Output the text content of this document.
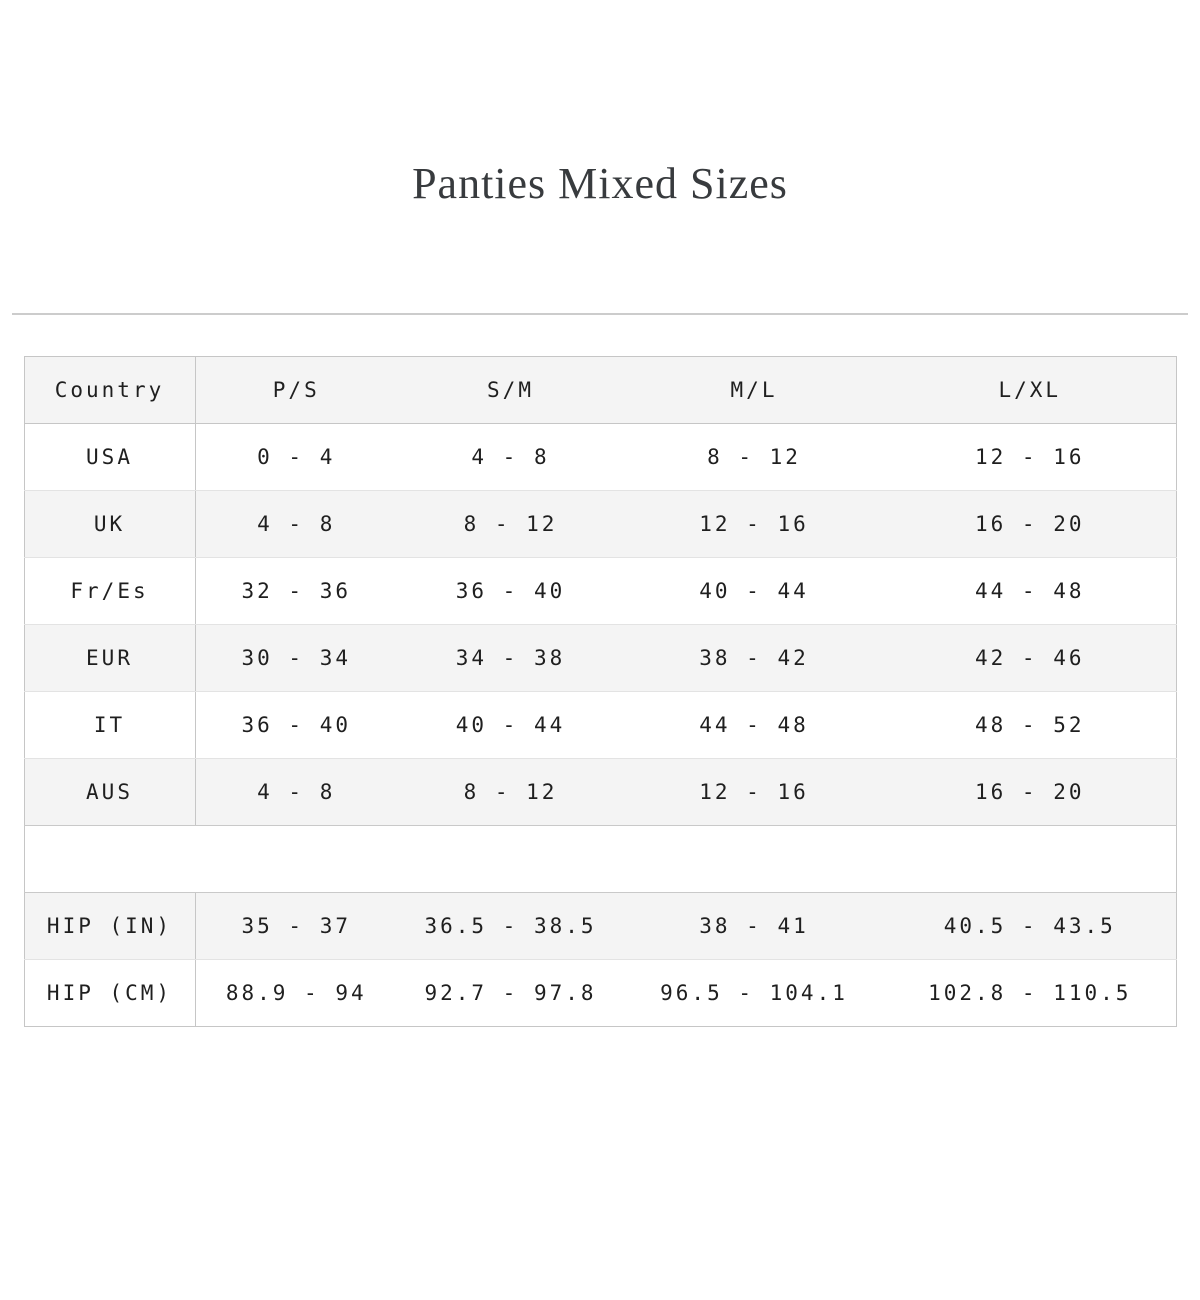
Panties Mixed Sizes
Country	P/S	S/M	M/L	L/XL
USA	0 - 4	4 - 8	8 - 12	12 - 16
UK	4 - 8	8 - 12	12 - 16	16 - 20
Fr/Es	32 - 36	36 - 40	40 - 44	44 - 48
EUR	30 - 34	34 - 38	38 - 42	42 - 46
IT	36 - 40	40 - 44	44 - 48	48 - 52
AUS	4 - 8	8 - 12	12 - 16	16 - 20

HIP (IN)	35 - 37	36.5 - 38.5	38 - 41	40.5 - 43.5
HIP (CM)	88.9 - 94	92.7 - 97.8	96.5 - 104.1	102.8 - 110.5
